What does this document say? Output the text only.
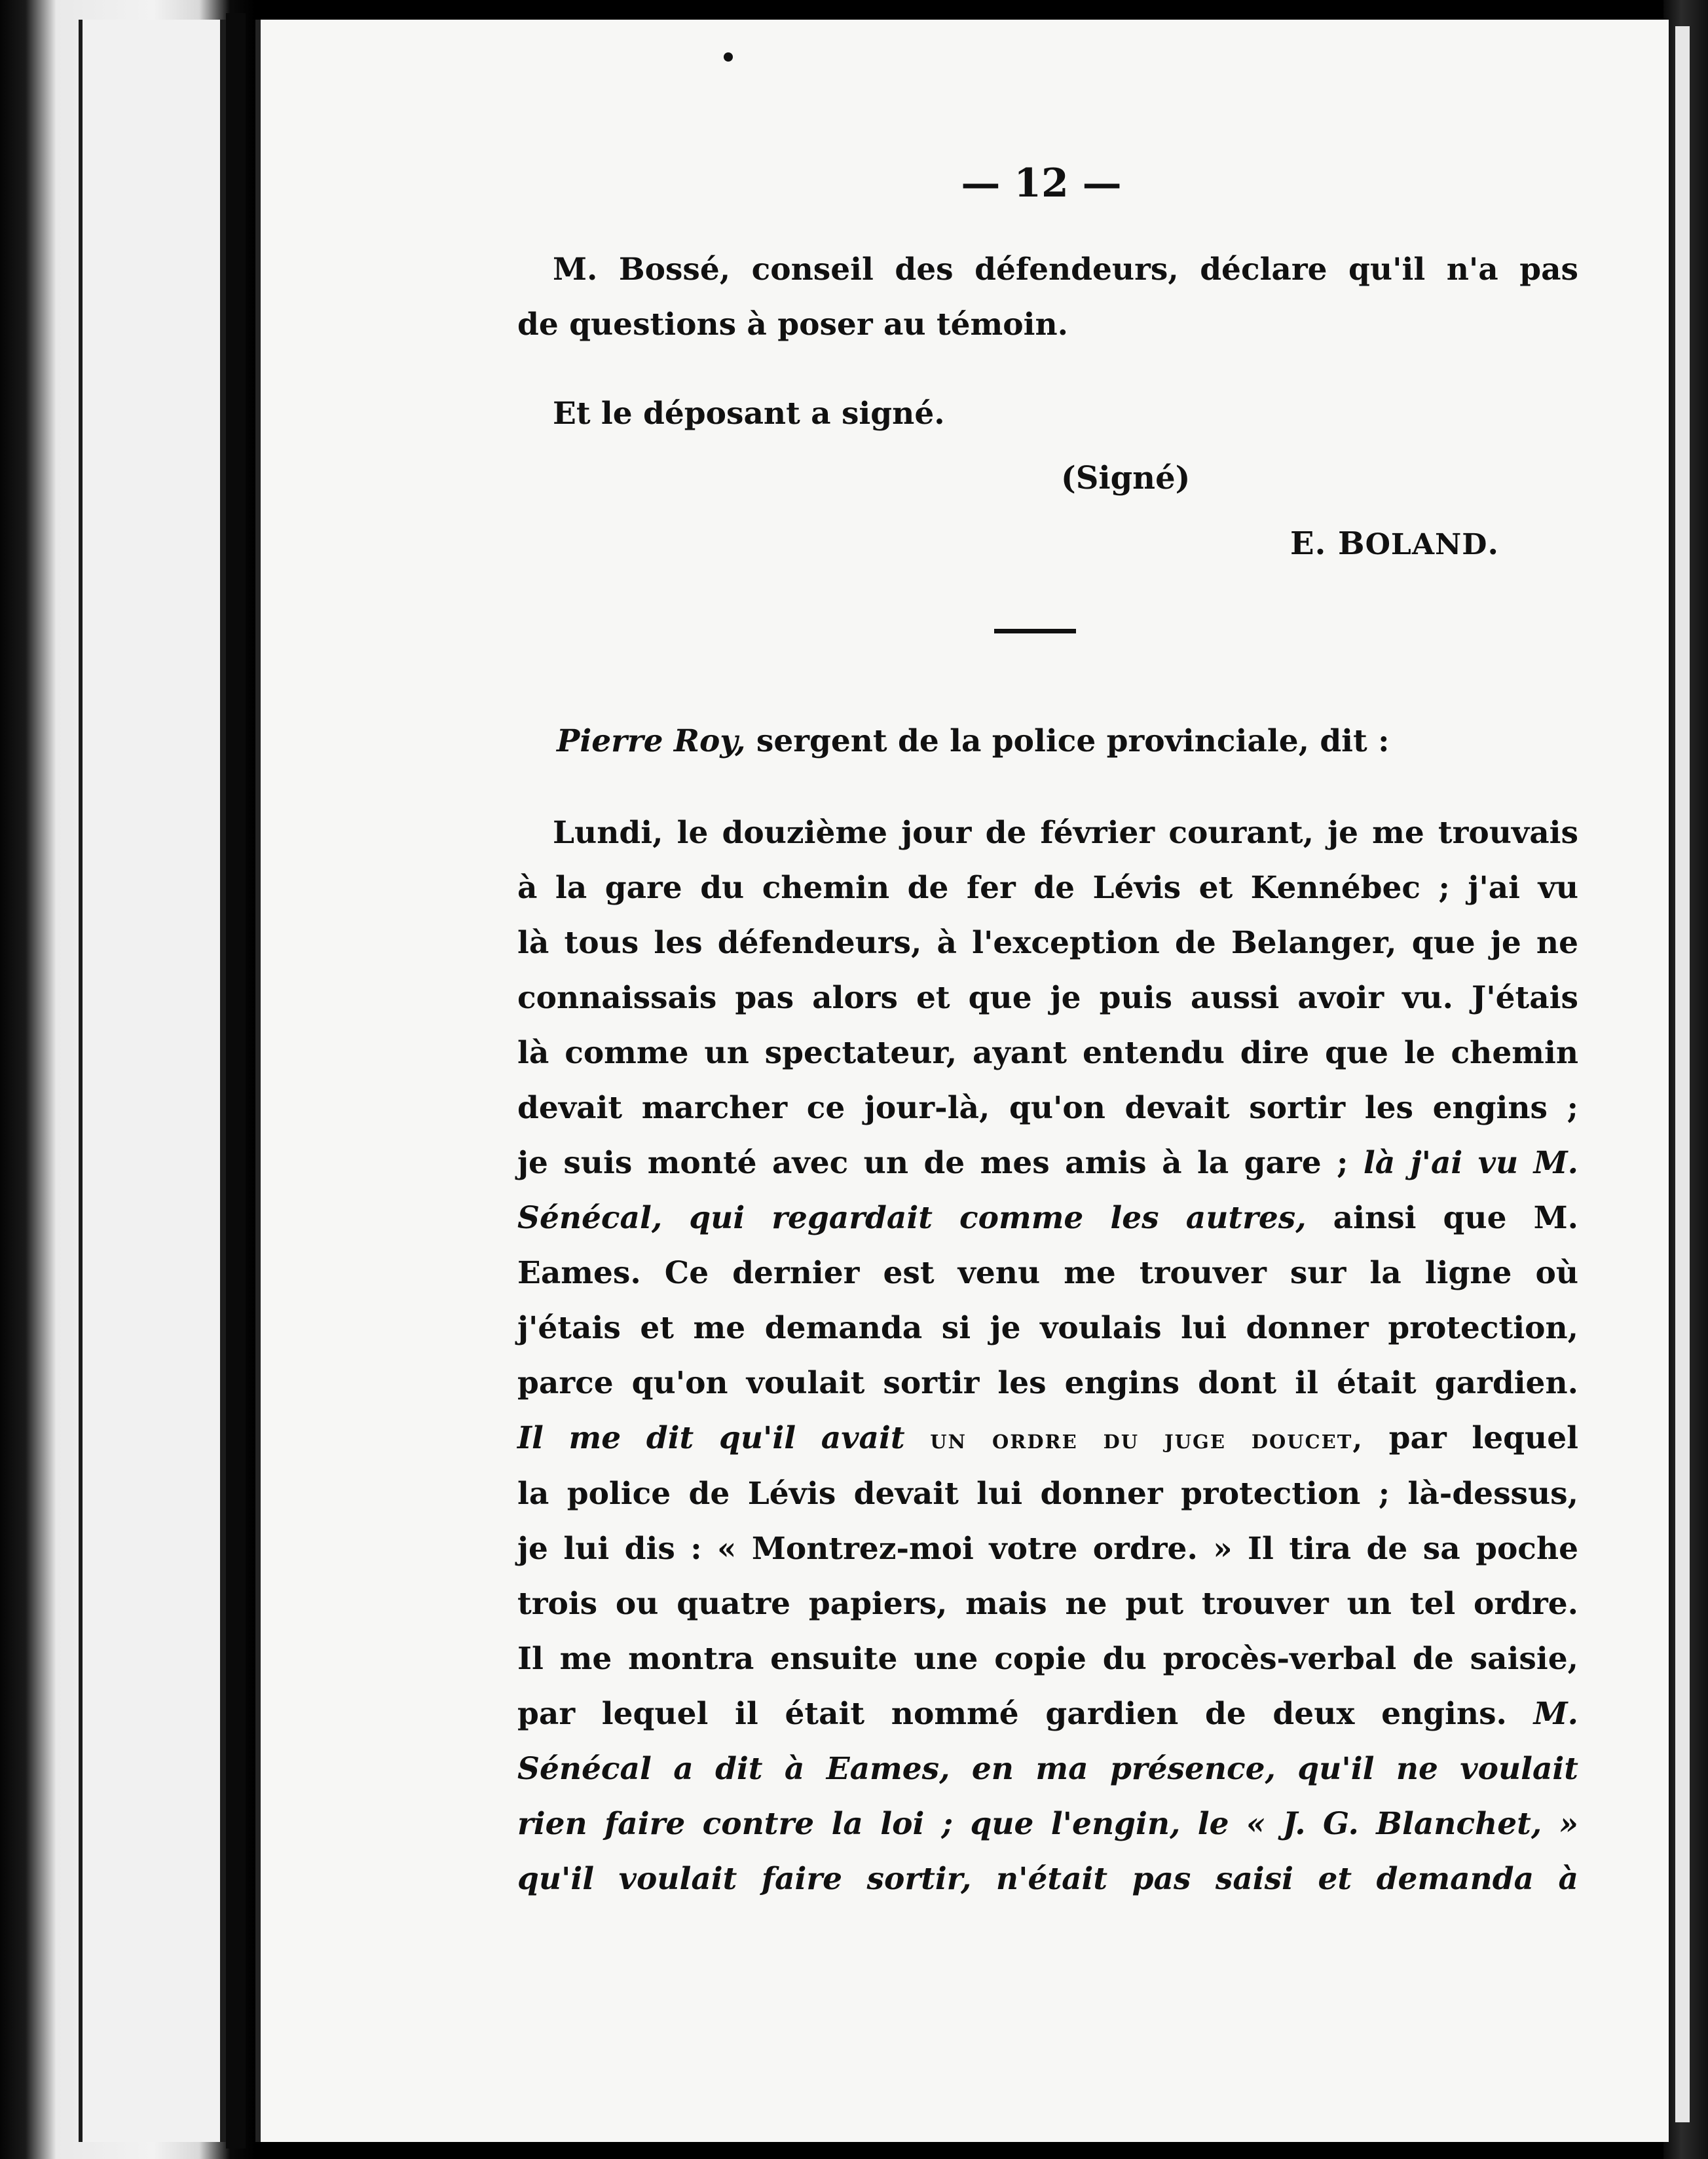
— 12 —
M. Bossé, conseil des défendeurs, déclare qu'il n'a pas
de questions à poser au témoin.
Et le déposant a signé.
(Signé)
E. BOLAND.
Pierre Roy, sergent de la police provinciale, dit :
Lundi, le douzième jour de février courant, je me trouvais
à la gare du chemin de fer de Lévis et Kennébec ; j'ai vu
là tous les défendeurs, à l'exception de Belanger, que je ne
connaissais pas alors et que je puis aussi avoir vu. J'étais
là comme un spectateur, ayant entendu dire que le chemin
devait marcher ce jour-là, qu'on devait sortir les engins ;
je suis monté avec un de mes amis à la gare ; là j'ai vu M.
Sénécal, qui regardait comme les autres, ainsi que M.
Eames. Ce dernier est venu me trouver sur la ligne où
j'étais et me demanda si je voulais lui donner protection,
parce qu'on voulait sortir les engins dont il était gardien.
Il me dit qu'il avait un ordre du juge doucet, par lequel
la police de Lévis devait lui donner protection ; là-dessus,
je lui dis : « Montrez-moi votre ordre. » Il tira de sa poche
trois ou quatre papiers, mais ne put trouver un tel ordre.
Il me montra ensuite une copie du procès-verbal de saisie,
par lequel il était nommé gardien de deux engins. M.
Sénécal a dit à Eames, en ma présence, qu'il ne voulait
rien faire contre la loi ; que l'engin, le « J. G. Blanchet, »
qu'il voulait faire sortir, n'était pas saisi et demanda à
